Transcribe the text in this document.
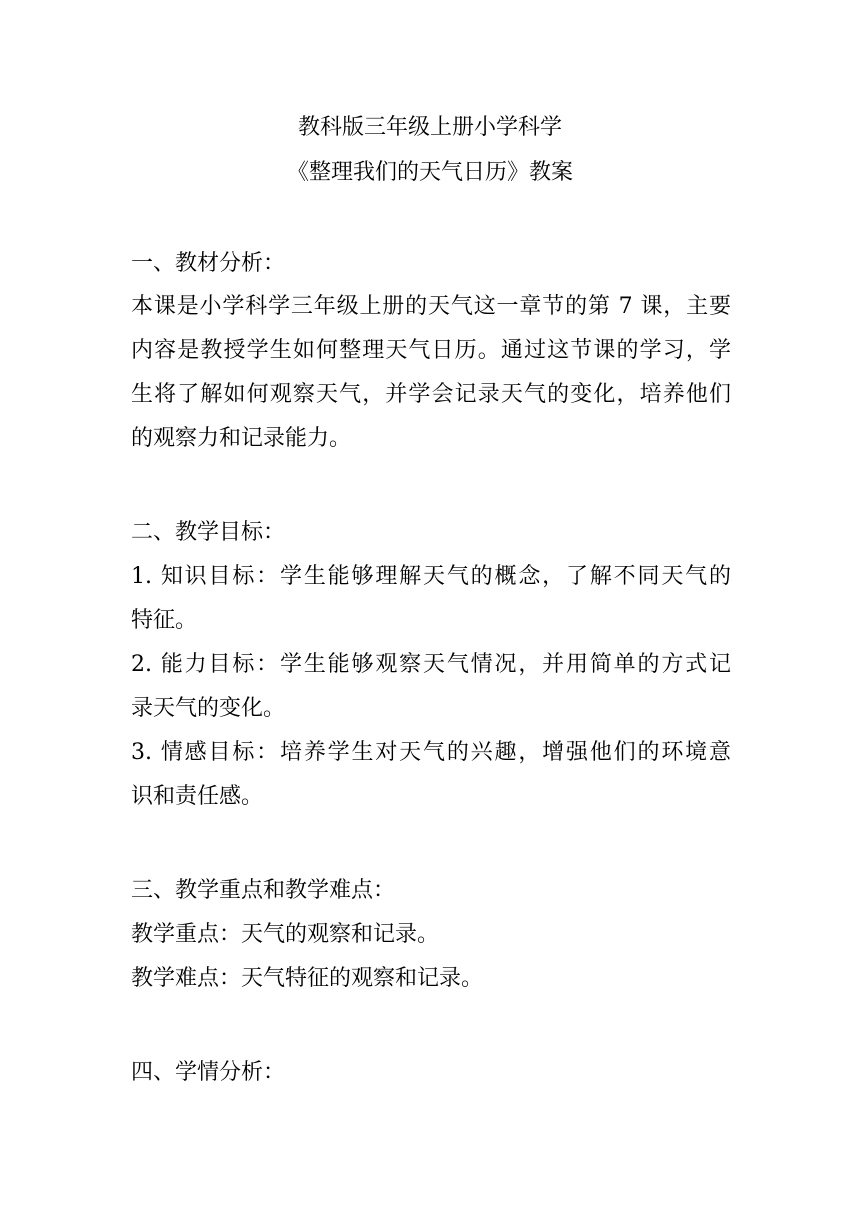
教科版三年级上册小学科学
《整理我们的天气日历》教案
一、教材分析：
本课是小学科学三年级上册的天气这一章节的第 7 课，主要
内容是教授学生如何整理天气日历。通过这节课的学习，学
生将了解如何观察天气，并学会记录天气的变化，培养他们
的观察力和记录能力。
二、教学目标：
1. 知识目标：学生能够理解天气的概念，了解不同天气的
特征。
2. 能力目标：学生能够观察天气情况，并用简单的方式记
录天气的变化。
3. 情感目标：培养学生对天气的兴趣，增强他们的环境意
识和责任感。
三、教学重点和教学难点：
教学重点：天气的观察和记录。
教学难点：天气特征的观察和记录。
四、学情分析：
